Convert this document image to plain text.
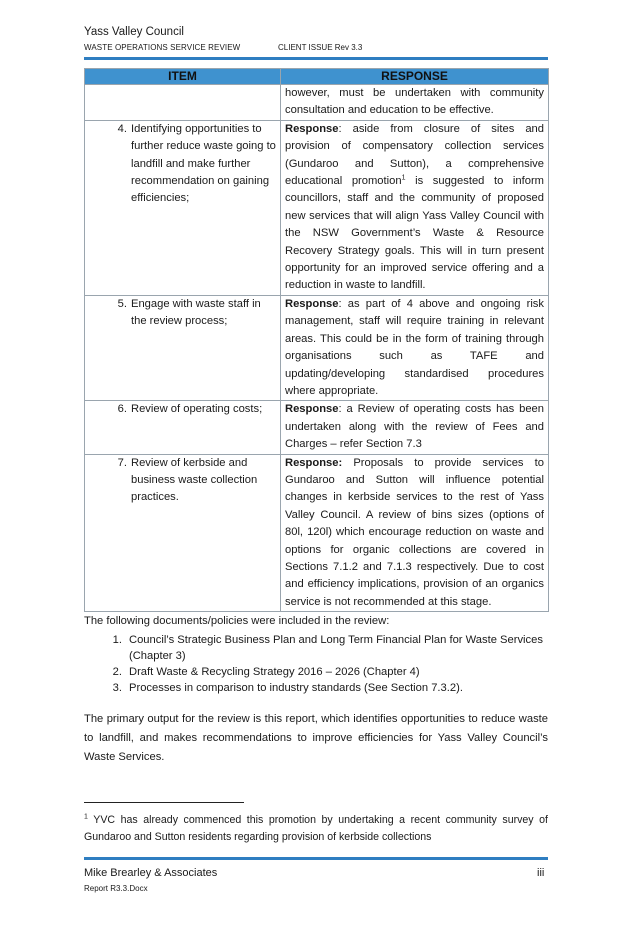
Yass Valley Council
WASTE OPERATIONS SERVICE REVIEW	CLIENT ISSUE Rev 3.3
ITEM	RESPONSE

	however, must be undertaken with community consultation and education to be effective.

4. Identifying opportunities to further reduce waste going to landfill and make further recommendation on gaining efficiencies;	Response: aside from closure of sites and provision of compensatory collection services (Gundaroo and Sutton), a comprehensive educational promotion$^1$ is suggested to inform councillors, staff and the community of proposed new services that will align Yass Valley Council with the NSW Government’s Waste & Resource Recovery Strategy goals. This will in turn present opportunity for an improved service offering and a reduction in waste to landfill.

5. Engage with waste staff in the review process;	Response: as part of 4 above and ongoing risk management, staff will require training in relevant areas. This could be in the form of training through organisations such as TAFE and updating/developing standardised procedures where appropriate.

6. Review of operating costs;	Response: a Review of operating costs has been undertaken along with the review of Fees and Charges – refer Section 7.3

7. Review of kerbside and business waste collection practices.	Response: Proposals to provide services to Gundaroo and Sutton will influence potential changes in kerbside services to the rest of Yass Valley Council. A review of bins sizes (options of 80l, 120l) which encourage reduction on waste and options for organic collections are covered in Sections 7.1.2 and 7.1.3 respectively. Due to cost and efficiency implications, provision of an organics service is not recommended at this stage.
The following documents/policies were included in the review:
1. Council’s Strategic Business Plan and Long Term Financial Plan for Waste Services (Chapter 3)
2. Draft Waste & Recycling Strategy 2016 – 2026 (Chapter 4)
3. Processes in comparison to industry standards (See Section 7.3.2).
The primary output for the review is this report, which identifies opportunities to reduce waste to landfill, and makes recommendations to improve efficiencies for Yass Valley Council’s Waste Services.
$^1$ YVC has already commenced this promotion by undertaking a recent community survey of Gundaroo and Sutton residents regarding provision of kerbside collections
Mike Brearley & Associates
Report R3.3.Docx
iii
